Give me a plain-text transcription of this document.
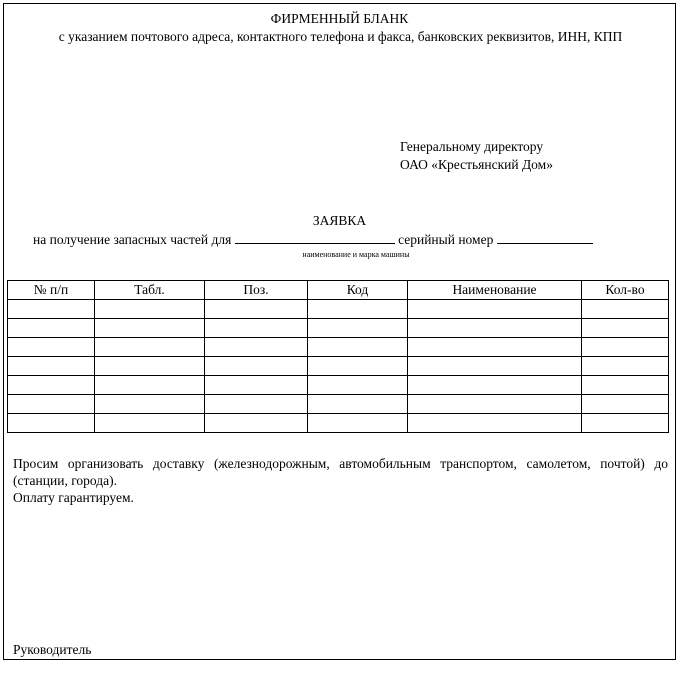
ФИРМЕННЫЙ БЛАНК
с указанием почтового адреса, контактного телефона и факса, банковских реквизитов, ИНН, КПП
Генеральному директору
ОАО «Крестьянский Дом»
ЗАЯВКА
на получение запасных частей для	серийный номер
наименование и марка машины
№ п/п	Табл.	Поз.	Код	Наименование	Кол-во

Просим организовать доставку (железнодорожным, автомобильным транспортом, самолетом, почтой) до (станции, города).

Оплату гарантируем.

Руководитель
